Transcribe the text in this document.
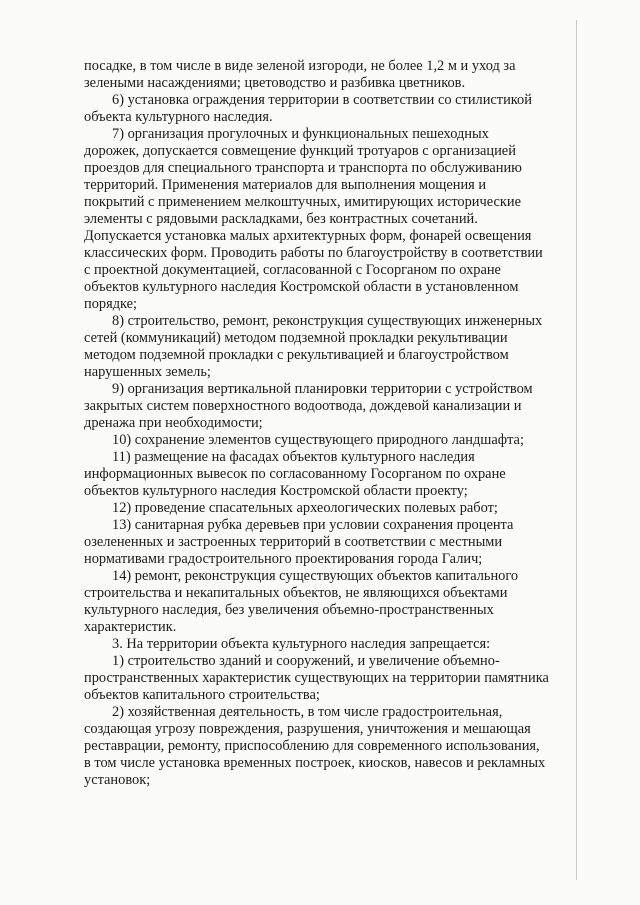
посадке, в том числе в виде зеленой изгороди, не более 1,2 м и уход за
зелеными насаждениями; цветоводство и разбивка цветников.

6) установка ограждения территории в соответствии со стилистикой
объекта культурного наследия.

7) организация прогулочных и функциональных пешеходных
дорожек, допускается совмещение функций тротуаров с организацией
проездов для специального транспорта и транспорта по обслуживанию
территорий. Применения материалов для выполнения мощения и
покрытий с применением мелкоштучных, имитирующих исторические
элементы с рядовыми раскладками, без контрастных сочетаний.
Допускается установка малых архитектурных форм, фонарей освещения
классических форм. Проводить работы по благоустройству в соответствии
с проектной документацией, согласованной с Госорганом по охране
объектов культурного наследия Костромской области в установленном
порядке;

8) строительство, ремонт, реконструкция существующих инженерных
сетей (коммуникаций) методом подземной прокладки рекультивации
методом подземной прокладки с рекультивацией и благоустройством
нарушенных земель;

9) организация вертикальной планировки территории с устройством
закрытых систем поверхностного водоотвода, дождевой канализации и
дренажа при необходимости;

10) сохранение элементов существующего природного ландшафта;

11) размещение на фасадах объектов культурного наследия
информационных вывесок по согласованному Госорганом по охране
объектов культурного наследия Костромской области проекту;

12) проведение спасательных археологических полевых работ;

13) санитарная рубка деревьев при условии сохранения процента
озелененных и застроенных территорий в соответствии с местными
нормативами градостроительного проектирования города Галич;

14) ремонт, реконструкция существующих объектов капитального
строительства и некапитальных объектов, не являющихся объектами
культурного наследия, без увеличения объемно-пространственных
характеристик.

3. На территории объекта культурного наследия запрещается:

1) строительство зданий и сооружений, и увеличение объемно-
пространственных характеристик существующих на территории памятника
объектов капитального строительства;

2) хозяйственная деятельность, в том числе градостроительная,
создающая угрозу повреждения, разрушения, уничтожения и мешающая
реставрации, ремонту, приспособлению для современного использования,
в том числе установка временных построек, киосков, навесов и рекламных
установок;
